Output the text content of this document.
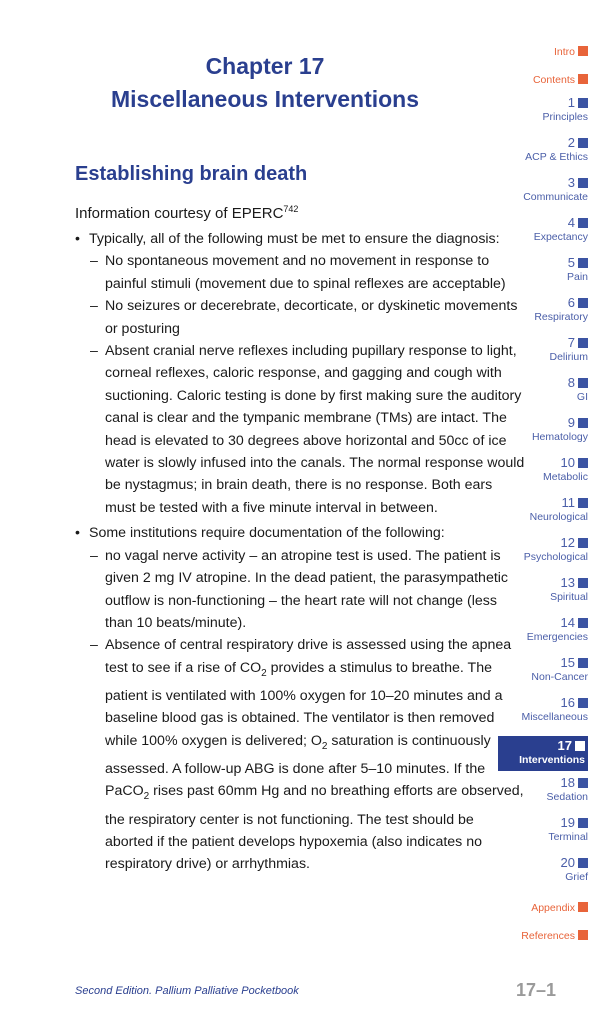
Chapter 17
Miscellaneous Interventions
Establishing brain death
Information courtesy of EPERC$^{742}$
• Typically, all of the following must be met to ensure the diagnosis:
– No spontaneous movement and no movement in response to painful stimuli (movement due to spinal reflexes are acceptable)
– No seizures or decerebrate, decorticate, or dyskinetic movements or posturing
– Absent cranial nerve reflexes including pupillary response to light, corneal reflexes, caloric response, and gagging and cough with suctioning. Caloric testing is done by first making sure the auditory canal is clear and the tympanic membrane (TMs) are intact. The head is elevated to 30 degrees above horizontal and 50cc of ice water is slowly infused into the canals. The normal response would be nystagmus; in brain death, there is no response. Both ears must be tested with a five minute interval in between.
• Some institutions require documentation of the following:
– no vagal nerve activity – an atropine test is used. The patient is given 2 mg IV atropine. In the dead patient, the parasympathetic outflow is non-functioning – the heart rate will not change (less than 10 beats/minute).
– Absence of central respiratory drive is assessed using the apnea test to see if a rise of $CO_2$ provides a stimulus to breathe. The patient is ventilated with 100% oxygen for 10–20 minutes and a baseline blood gas is obtained. The ventilator is then removed while 100% oxygen is delivered; $O_2$ saturation is continuously assessed. A follow-up ABG is done after 5–10 minutes. If the PaCO$_2$ rises past 60mm Hg and no breathing efforts are observed, the respiratory center is not functioning. The test should be aborted if the patient develops hypoxemia (also indicates no respiratory drive) or arrhythmias.
Intro
Contents
1
Principles
2
ACP & Ethics
3
Communicate
4
Expectancy
5
Pain
6
Respiratory
7
Delirium
8
GI
9
Hematology
10
Metabolic
11
Neurological
12
Psychological
13
Spiritual
14
Emergencies
15
Non-Cancer
16
Miscellaneous
17
Interventions
18
Sedation
19
Terminal
20
Grief
Appendix
References
Second Edition. Pallium Palliative Pocketbook	17–1
